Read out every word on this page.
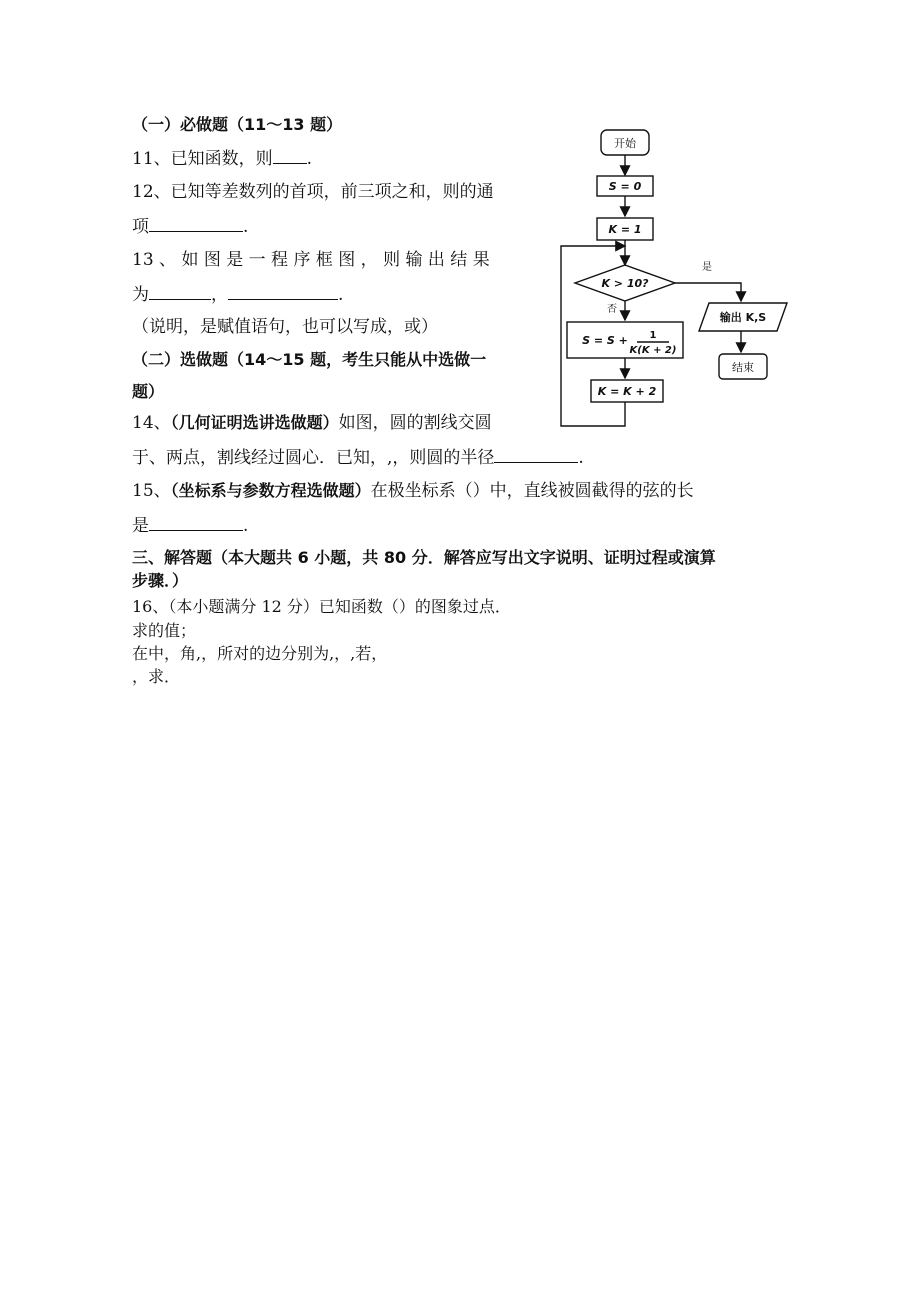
（一）必做题（11～13 题）
11、已知函数，则 .
12、已知等差数列的首项，前三项之和，则的通
项	.
13 、 如 图 是 一 程 序 框 图 ， 则 输 出 结 果
为	，	.
（说明，是赋值语句，也可以写成，或）
（二）选做题（14～15 题，考生只能从中选做一
题）
14、（几何证明选讲选做题）如图，圆的割线交圆
于、两点，割线经过圆心．已知，,，则圆的半径	.
15、（坐标系与参数方程选做题）在极坐标系（）中，直线被圆截得的弦的长
是	.
三、解答题（本大题共 6 小题，共 80 分．解答应写出文字说明、证明过程或演算
步骤．）
16、（本小题满分 12 分）已知函数（）的图象过点．
求的值；
在中，角,，所对的边分别为,，,若，
，求．
开始
S = 0
K = 1
K > 10?
是
否
S = S + 1
K(K + 2)
K = K + 2
输出 K,S
结束
